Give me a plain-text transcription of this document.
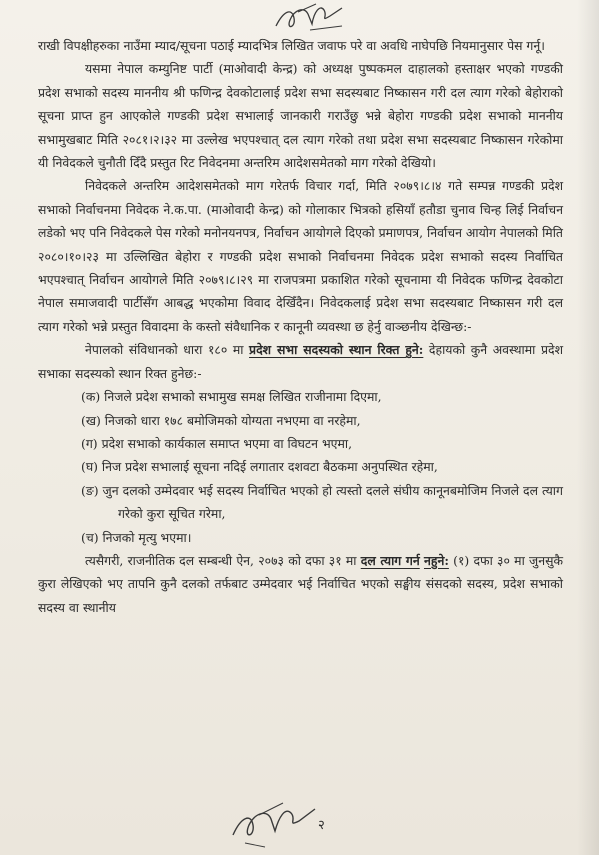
राखी विपक्षीहरुका नाउँमा म्याद/सूचना पठाई म्यादभित्र लिखित जवाफ परे वा अवधि नाघेपछि नियमानुसार पेस गर्नू।

यसमा नेपाल कम्युनिष्ट पार्टी (माओवादी केन्द्र) को अध्यक्ष पुष्पकमल दाहालको हस्ताक्षर भएको गण्डकी प्रदेश सभाको सदस्य माननीय श्री फणिन्द्र देवकोटालाई प्रदेश सभा सदस्यबाट निष्कासन गरी दल त्याग गरेको बेहोराको सूचना प्राप्त हुन आएकोले गण्डकी प्रदेश सभालाई जानकारी गराउँछु भन्ने बेहोरा गण्डकी प्रदेश सभाको माननीय सभामुखबाट मिति २०८१।२।३२ मा उल्लेख भएपश्चात् दल त्याग गरेको तथा प्रदेश सभा सदस्यबाट निष्कासन गरेकोमा यी निवेदकले चुनौती दिँदै प्रस्तुत रिट निवेदनमा अन्तरिम आदेशसमेतको माग गरेको देखियो।

निवेदकले अन्तरिम आदेशसमेतको माग गरेतर्फ विचार गर्दा, मिति २०७९।८।४ गते सम्पन्न गण्डकी प्रदेश सभाको निर्वाचनमा निवेदक ने.क.पा. (माओवादी केन्द्र) को गोलाकार भित्रको हसियाँ हतौडा चुनाव चिन्ह लिई निर्वाचन लडेको भए पनि निवेदकले पेस गरेको मनोनयनपत्र, निर्वाचन आयोगले दिएको प्रमाणपत्र, निर्वाचन आयोग नेपालको मिति २०८०।१०।२३ मा उल्लिखित बेहोरा र गण्डकी प्रदेश सभाको निर्वाचनमा निवेदक प्रदेश सभाको सदस्य निर्वाचित भएपश्चात् निर्वाचन आयोगले मिति २०७९।८।२९ मा राजपत्रमा प्रकाशित गरेको सूचनामा यी निवेदक फणिन्द्र देवकोटा नेपाल समाजवादी पार्टीसँग आबद्ध भएकोमा विवाद देखिँदैन। निवेदकलाई प्रदेश सभा सदस्यबाट निष्कासन गरी दल त्याग गरेको भन्ने प्रस्तुत विवादमा के कस्तो संवैधानिक र कानूनी व्यवस्था छ हेर्नु वाञ्छनीय देखिन्छ:-

नेपालको संविधानको धारा १८० मा प्रदेश सभा सदस्यको स्थान रिक्त हुने: देहायको कुनै अवस्थामा प्रदेश सभाका सदस्यको स्थान रिक्त हुनेछ:-

(क) निजले प्रदेश सभाको सभामुख समक्ष लिखित राजीनामा दिएमा,
(ख) निजको धारा १७८ बमोजिमको योग्यता नभएमा वा नरहेमा,
(ग) प्रदेश सभाको कार्यकाल समाप्त भएमा वा विघटन भएमा,
(घ) निज प्रदेश सभालाई सूचना नदिई लगातार दशवटा बैठकमा अनुपस्थित रहेमा,
(ङ) जुन दलको उम्मेदवार भई सदस्य निर्वाचित भएको हो त्यस्तो दलले संघीय कानूनबमोजिम निजले दल त्याग गरेको कुरा सूचित गरेमा,
(च) निजको मृत्यु भएमा।

त्यसैगरी, राजनीतिक दल सम्बन्धी ऐन, २०७३ को दफा ३१ मा दल त्याग गर्न नहुने: (१) दफा ३० मा जुनसुकै कुरा लेखिएको भए तापनि कुनै दलको तर्फबाट उम्मेदवार भई निर्वाचित भएको सङ्घीय संसदको सदस्य, प्रदेश सभाको सदस्य वा स्थानीय

२
